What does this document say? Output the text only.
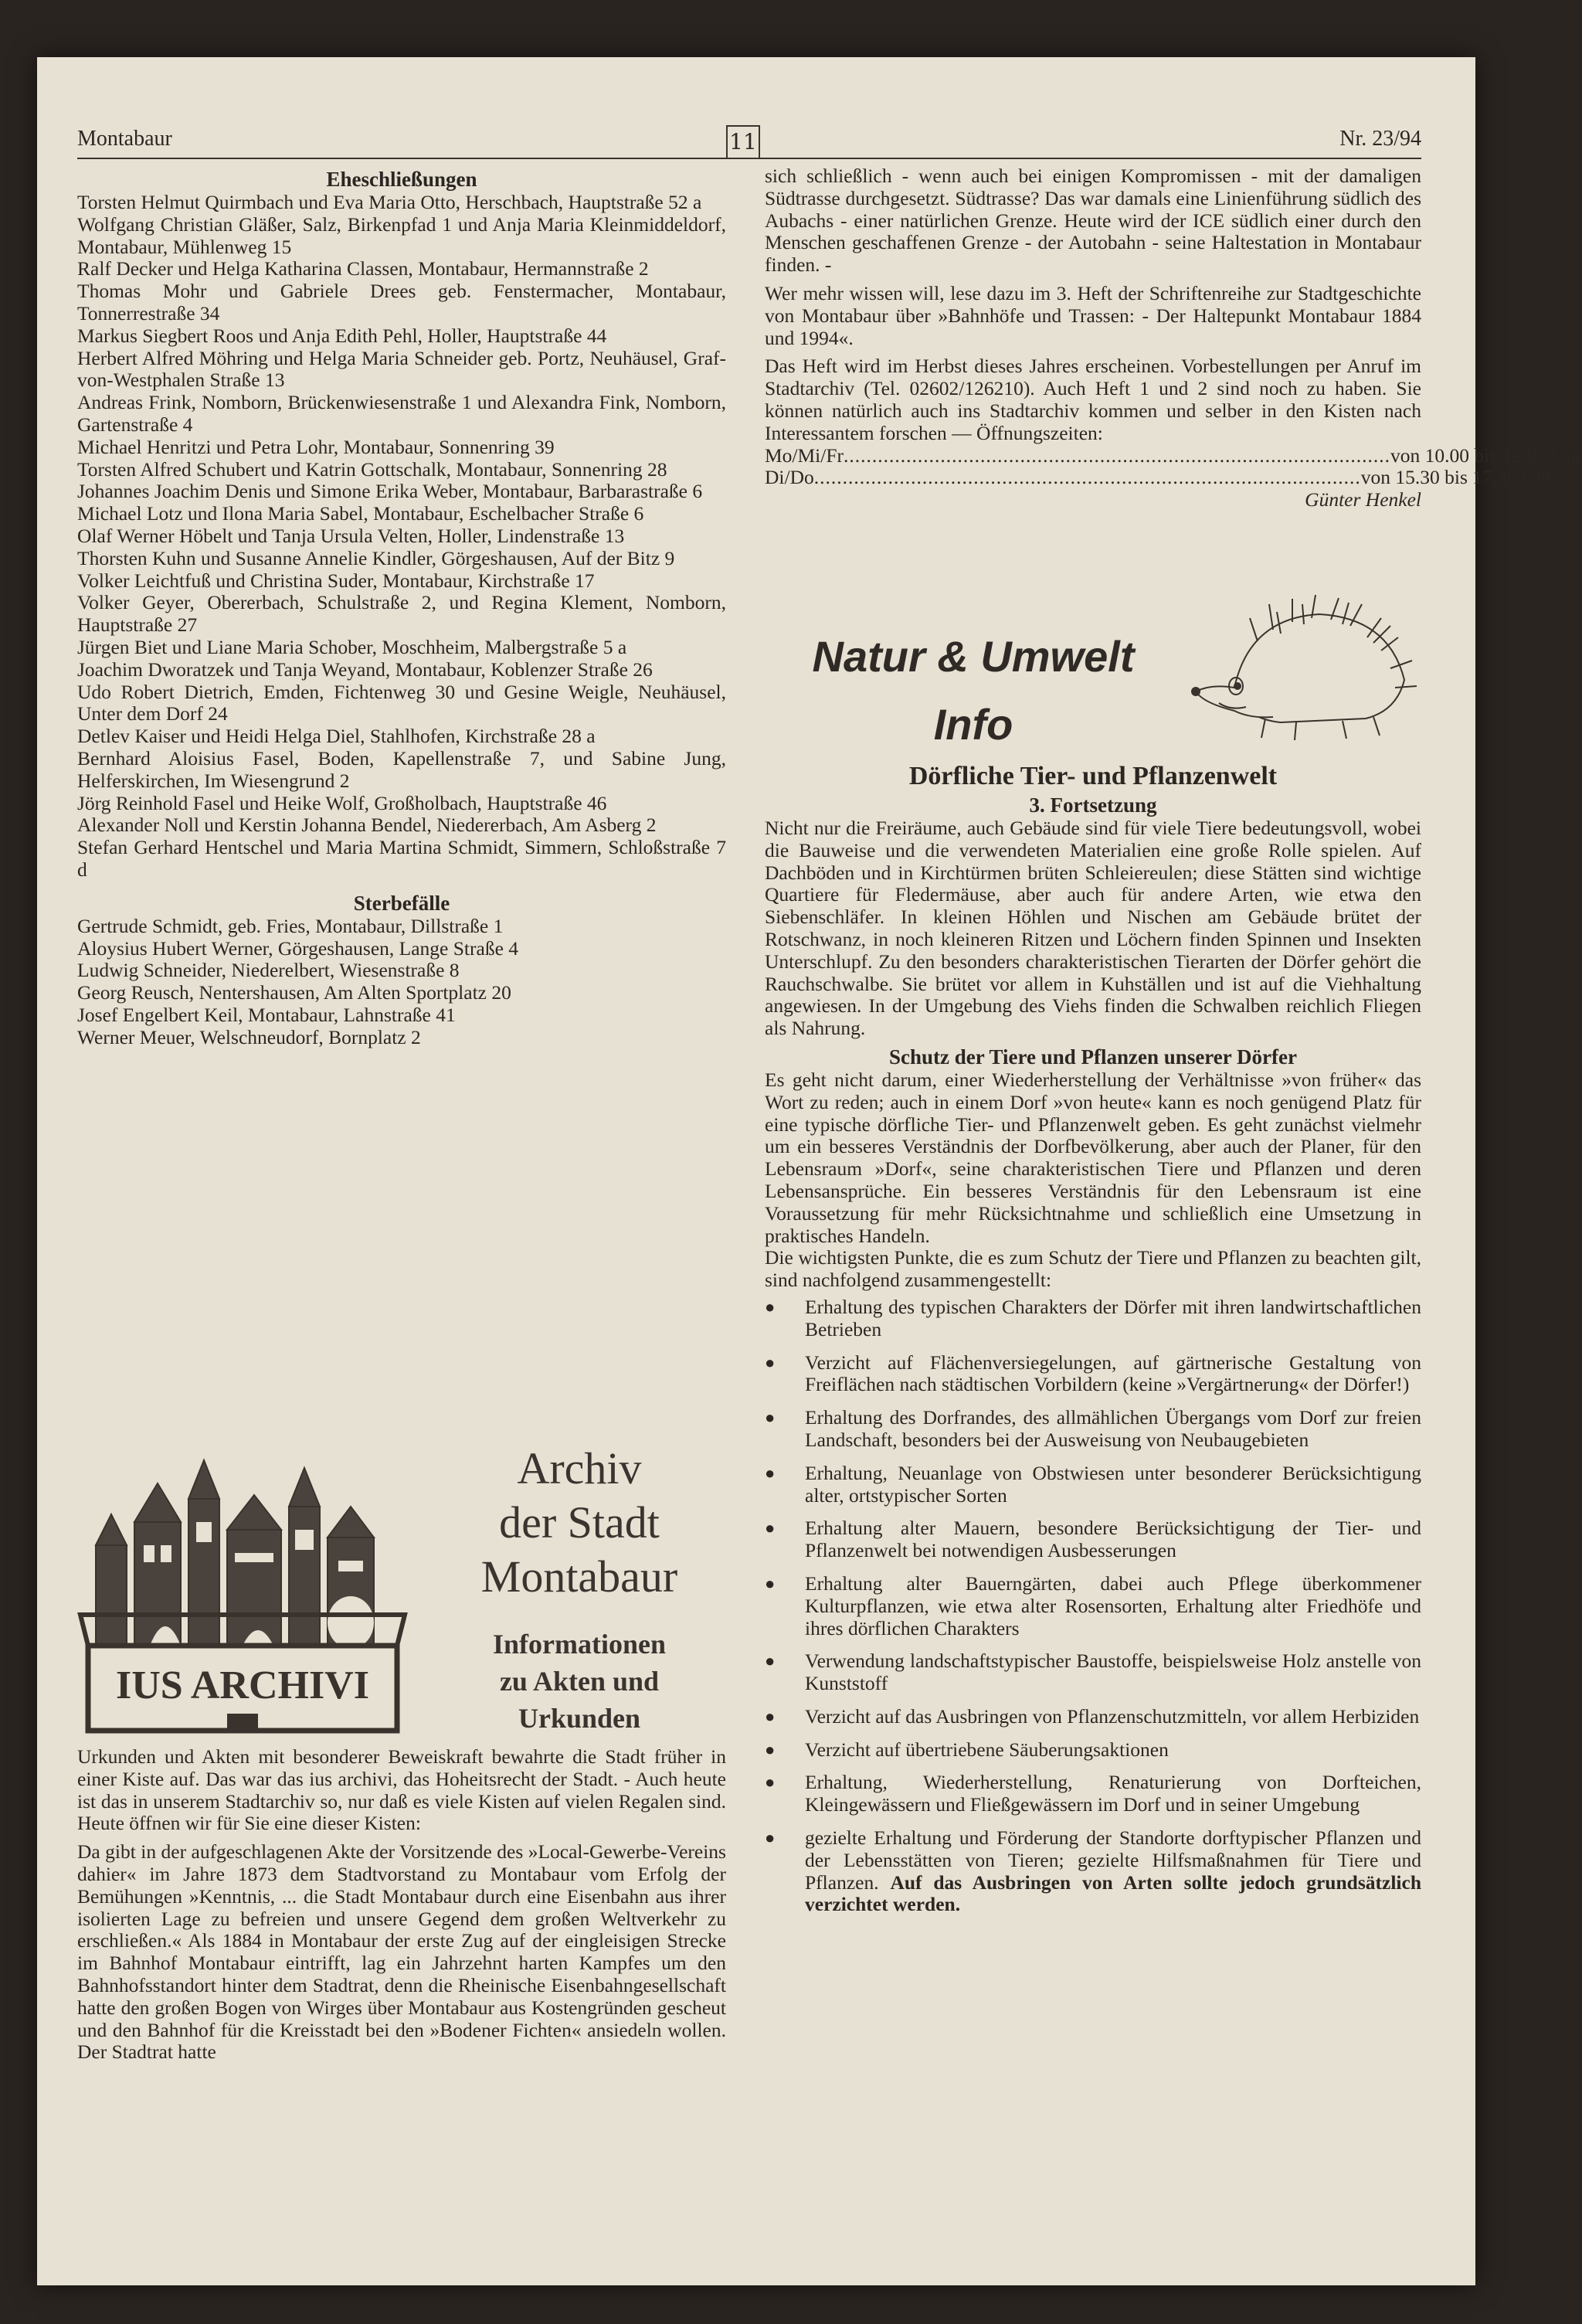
Montabaur	11	Nr. 23/94
Eheschließungen

Torsten Helmut Quirmbach und Eva Maria Otto, Herschbach, Hauptstraße 52 a

Wolfgang Christian Gläßer, Salz, Birkenpfad 1 und Anja Maria Kleinmiddeldorf, Montabaur, Mühlenweg 15

Ralf Decker und Helga Katharina Classen, Montabaur, Hermannstraße 2

Thomas Mohr und Gabriele Drees geb. Fenstermacher, Montabaur, Tonnerrestraße 34

Markus Siegbert Roos und Anja Edith Pehl, Holler, Hauptstraße 44

Herbert Alfred Möhring und Helga Maria Schneider geb. Portz, Neuhäusel, Graf-von-Westphalen Straße 13

Andreas Frink, Nomborn, Brückenwiesenstraße 1 und Alexandra Fink, Nomborn, Gartenstraße 4

Michael Henritzi und Petra Lohr, Montabaur, Sonnenring 39

Torsten Alfred Schubert und Katrin Gottschalk, Montabaur, Sonnenring 28

Johannes Joachim Denis und Simone Erika Weber, Montabaur, Barbarastraße 6

Michael Lotz und Ilona Maria Sabel, Montabaur, Eschelbacher Straße 6

Olaf Werner Höbelt und Tanja Ursula Velten, Holler, Lindenstraße 13

Thorsten Kuhn und Susanne Annelie Kindler, Görgeshausen, Auf der Bitz 9

Volker Leichtfuß und Christina Suder, Montabaur, Kirchstraße 17

Volker Geyer, Obererbach, Schulstraße 2, und Regina Klement, Nomborn, Hauptstraße 27

Jürgen Biet und Liane Maria Schober, Moschheim, Malbergstraße 5 a

Joachim Dworatzek und Tanja Weyand, Montabaur, Koblenzer Straße 26

Udo Robert Dietrich, Emden, Fichtenweg 30 und Gesine Weigle, Neuhäusel, Unter dem Dorf 24

Detlev Kaiser und Heidi Helga Diel, Stahlhofen, Kirchstraße 28 a

Bernhard Aloisius Fasel, Boden, Kapellenstraße 7, und Sabine Jung, Helferskirchen, Im Wiesengrund 2

Jörg Reinhold Fasel und Heike Wolf, Großholbach, Hauptstraße 46

Alexander Noll und Kerstin Johanna Bendel, Niedererbach, Am Asberg 2

Stefan Gerhard Hentschel und Maria Martina Schmidt, Simmern, Schloßstraße 7 d

Sterbefälle

Gertrude Schmidt, geb. Fries, Montabaur, Dillstraße 1

Aloysius Hubert Werner, Görgeshausen, Lange Straße 4

Ludwig Schneider, Niederelbert, Wiesenstraße 8

Georg Reusch, Nentershausen, Am Alten Sportplatz 20

Josef Engelbert Keil, Montabaur, Lahnstraße 41

Werner Meuer, Welschneudorf, Bornplatz 2

IUS ARCHIVI
Archiv
der Stadt
Montabaur
Informationen
zu Akten und
Urkunden

Urkunden und Akten mit besonderer Beweiskraft bewahrte die Stadt früher in einer Kiste auf. Das war das ius archivi, das Hoheitsrecht der Stadt. - Auch heute ist das in unserem Stadtarchiv so, nur daß es viele Kisten auf vielen Regalen sind. Heute öffnen wir für Sie eine dieser Kisten:

Da gibt in der aufgeschlagenen Akte der Vorsitzende des »Local-Gewerbe-Vereins dahier« im Jahre 1873 dem Stadtvorstand zu Montabaur vom Erfolg der Bemühungen »Kenntnis, ... die Stadt Montabaur durch eine Eisenbahn aus ihrer isolierten Lage zu befreien und unsere Gegend dem großen Weltverkehr zu erschließen.« Als 1884 in Montabaur der erste Zug auf der eingleisigen Strecke im Bahnhof Montabaur eintrifft, lag ein Jahrzehnt harten Kampfes um den Bahnhofsstandort hinter dem Stadtrat, denn die Rheinische Eisenbahngesellschaft hatte den großen Bogen von Wirges über Montabaur aus Kostengründen gescheut und den Bahnhof für die Kreisstadt bei den »Bodener Fichten« ansiedeln wollen. Der Stadtrat hatte

sich schließlich - wenn auch bei einigen Kompromissen - mit der damaligen Südtrasse durchgesetzt. Südtrasse? Das war damals eine Linienführung südlich des Aubachs - einer natürlichen Grenze. Heute wird der ICE südlich einer durch den Menschen geschaffenen Grenze - der Autobahn - seine Haltestation in Montabaur finden. -

Wer mehr wissen will, lese dazu im 3. Heft der Schriftenreihe zur Stadtgeschichte von Montabaur über »Bahnhöfe und Trassen: - Der Haltepunkt Montabaur 1884 und 1994«.

Das Heft wird im Herbst dieses Jahres erscheinen. Vorbestellungen per Anruf im Stadtarchiv (Tel. 02602/126210). Auch Heft 1 und 2 sind noch zu haben. Sie können natürlich auch ins Stadtarchiv kommen und selber in den Kisten nach Interessantem forschen — Öffnungszeiten:

Mo/Mi/Fr ................................................................................................ von 10.00 bis 12.00 Uhr
Di/Do ................................................................................................ von 15.30 bis 17.30 Uhr

Günter Henkel

Natur & Umwelt
Info
Dörfliche Tier- und Pflanzenwelt
3. Fortsetzung

Nicht nur die Freiräume, auch Gebäude sind für viele Tiere bedeutungsvoll, wobei die Bauweise und die verwendeten Materialien eine große Rolle spielen. Auf Dachböden und in Kirchtürmen brüten Schleiereulen; diese Stätten sind wichtige Quartiere für Fledermäuse, aber auch für andere Arten, wie etwa den Siebenschläfer. In kleinen Höhlen und Nischen am Gebäude brütet der Rotschwanz, in noch kleineren Ritzen und Löchern finden Spinnen und Insekten Unterschlupf. Zu den besonders charakteristischen Tierarten der Dörfer gehört die Rauchschwalbe. Sie brütet vor allem in Kuhställen und ist auf die Viehhaltung angewiesen. In der Umgebung des Viehs finden die Schwalben reichlich Fliegen als Nahrung.

Schutz der Tiere und Pflanzen unserer Dörfer

Es geht nicht darum, einer Wiederherstellung der Verhältnisse »von früher« das Wort zu reden; auch in einem Dorf »von heute« kann es noch genügend Platz für eine typische dörfliche Tier- und Pflanzenwelt geben. Es geht zunächst vielmehr um ein besseres Verständnis der Dorfbevölkerung, aber auch der Planer, für den Lebensraum »Dorf«, seine charakteristischen Tiere und Pflanzen und deren Lebensansprüche. Ein besseres Verständnis für den Lebensraum ist eine Voraussetzung für mehr Rücksichtnahme und schließlich eine Umsetzung in praktisches Handeln.

Die wichtigsten Punkte, die es zum Schutz der Tiere und Pflanzen zu beachten gilt, sind nachfolgend zusammengestellt:

● Erhaltung des typischen Charakters der Dörfer mit ihren landwirtschaftlichen Betrieben
● Verzicht auf Flächenversiegelungen, auf gärtnerische Gestaltung von Freiflächen nach städtischen Vorbildern (keine »Vergärtnerung« der Dörfer!)
● Erhaltung des Dorfrandes, des allmählichen Übergangs vom Dorf zur freien Landschaft, besonders bei der Ausweisung von Neubaugebieten
● Erhaltung, Neuanlage von Obstwiesen unter besonderer Berücksichtigung alter, ortstypischer Sorten
● Erhaltung alter Mauern, besondere Berücksichtigung der Tier- und Pflanzenwelt bei notwendigen Ausbesserungen
● Erhaltung alter Bauerngärten, dabei auch Pflege überkommener Kulturpflanzen, wie etwa alter Rosensorten, Erhaltung alter Friedhöfe und ihres dörflichen Charakters
● Verwendung landschaftstypischer Baustoffe, beispielsweise Holz anstelle von Kunststoff
● Verzicht auf das Ausbringen von Pflanzenschutzmitteln, vor allem Herbiziden
● Verzicht auf übertriebene Säuberungsaktionen
● Erhaltung, Wiederherstellung, Renaturierung von Dorfteichen, Kleingewässern und Fließgewässern im Dorf und in seiner Umgebung
● gezielte Erhaltung und Förderung der Standorte dorftypischer Pflanzen und der Lebensstätten von Tieren; gezielte Hilfsmaßnahmen für Tiere und Pflanzen. Auf das Ausbringen von Arten sollte jedoch grundsätzlich verzichtet werden.
